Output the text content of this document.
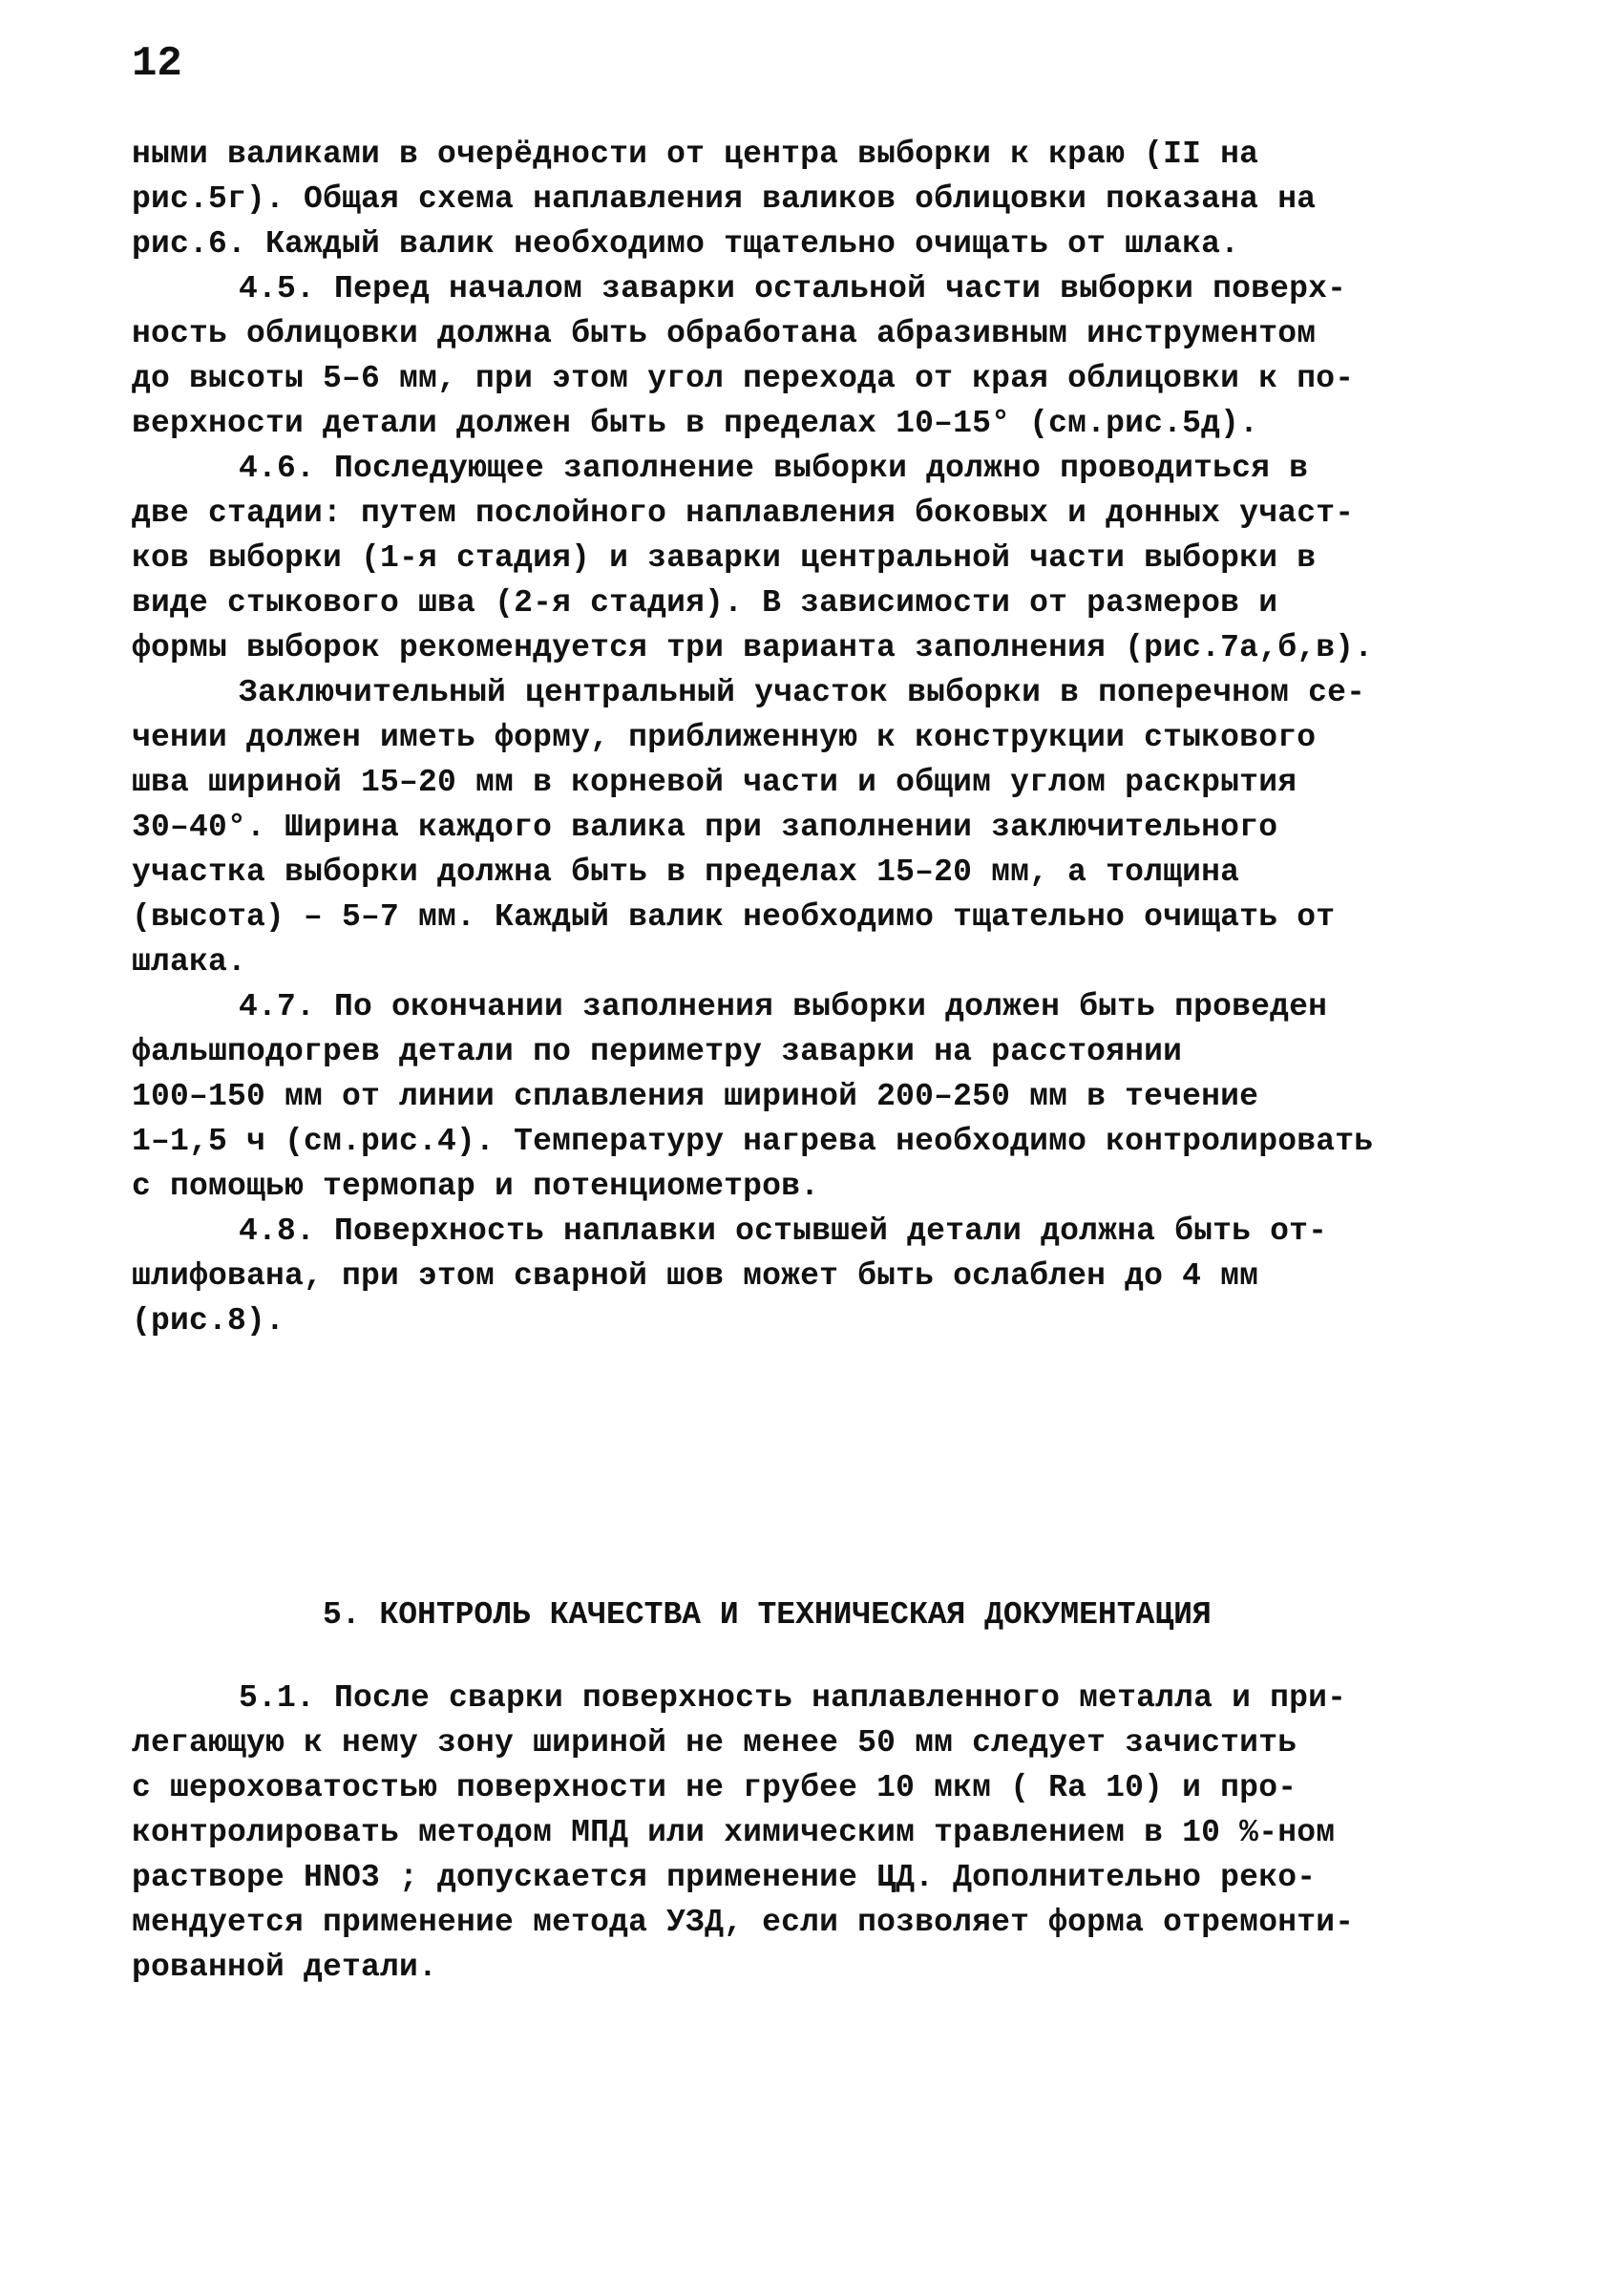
12
ными валиками в очерёдности от центра выборки к краю (II на
рис.5г). Общая схема наплавления валиков облицовки показана на
рис.6. Каждый валик необходимо тщательно очищать от шлака.
4.5. Перед началом заварки остальной части выборки поверх-
ность облицовки должна быть обработана абразивным инструментом
до высоты 5–6 мм, при этом угол перехода от края облицовки к по-
верхности детали должен быть в пределах 10–15° (см.рис.5д).
4.6. Последующее заполнение выборки должно проводиться в
две стадии: путем послойного наплавления боковых и донных участ-
ков выборки (1-я стадия) и заварки центральной части выборки в
виде стыкового шва (2-я стадия). В зависимости от размеров и
формы выборок рекомендуется три варианта заполнения (рис.7а,б,в).
Заключительный центральный участок выборки в поперечном се-
чении должен иметь форму, приближенную к конструкции стыкового
шва шириной 15–20 мм в корневой части и общим углом раскрытия
30–40°. Ширина каждого валика при заполнении заключительного
участка выборки должна быть в пределах 15–20 мм, а толщина
(высота) – 5–7 мм. Каждый валик необходимо тщательно очищать от
шлака.
4.7. По окончании заполнения выборки должен быть проведен
фальшподогрев детали по периметру заварки на расстоянии
100–150 мм от линии сплавления шириной 200–250 мм в течение
1–1,5 ч (см.рис.4). Температуру нагрева необходимо контролировать
с помощью термопар и потенциометров.
4.8. Поверхность наплавки остывшей детали должна быть от-
шлифована, при этом сварной шов может быть ослаблен до 4 мм
(рис.8).
5. КОНТРОЛЬ КАЧЕСТВА И ТЕХНИЧЕСКАЯ ДОКУМЕНТАЦИЯ
5.1. После сварки поверхность наплавленного металла и при-
легающую к нему зону шириной не менее 50 мм следует зачистить
с шероховатостью поверхности не грубее 10 мкм ( Ra 10) и про-
контролировать методом МПД или химическим травлением в 10 %-ном
растворе HNO3 ; допускается применение ЦД. Дополнительно реко-
мендуется применение метода УЗД, если позволяет форма отремонти-
рованной детали.
